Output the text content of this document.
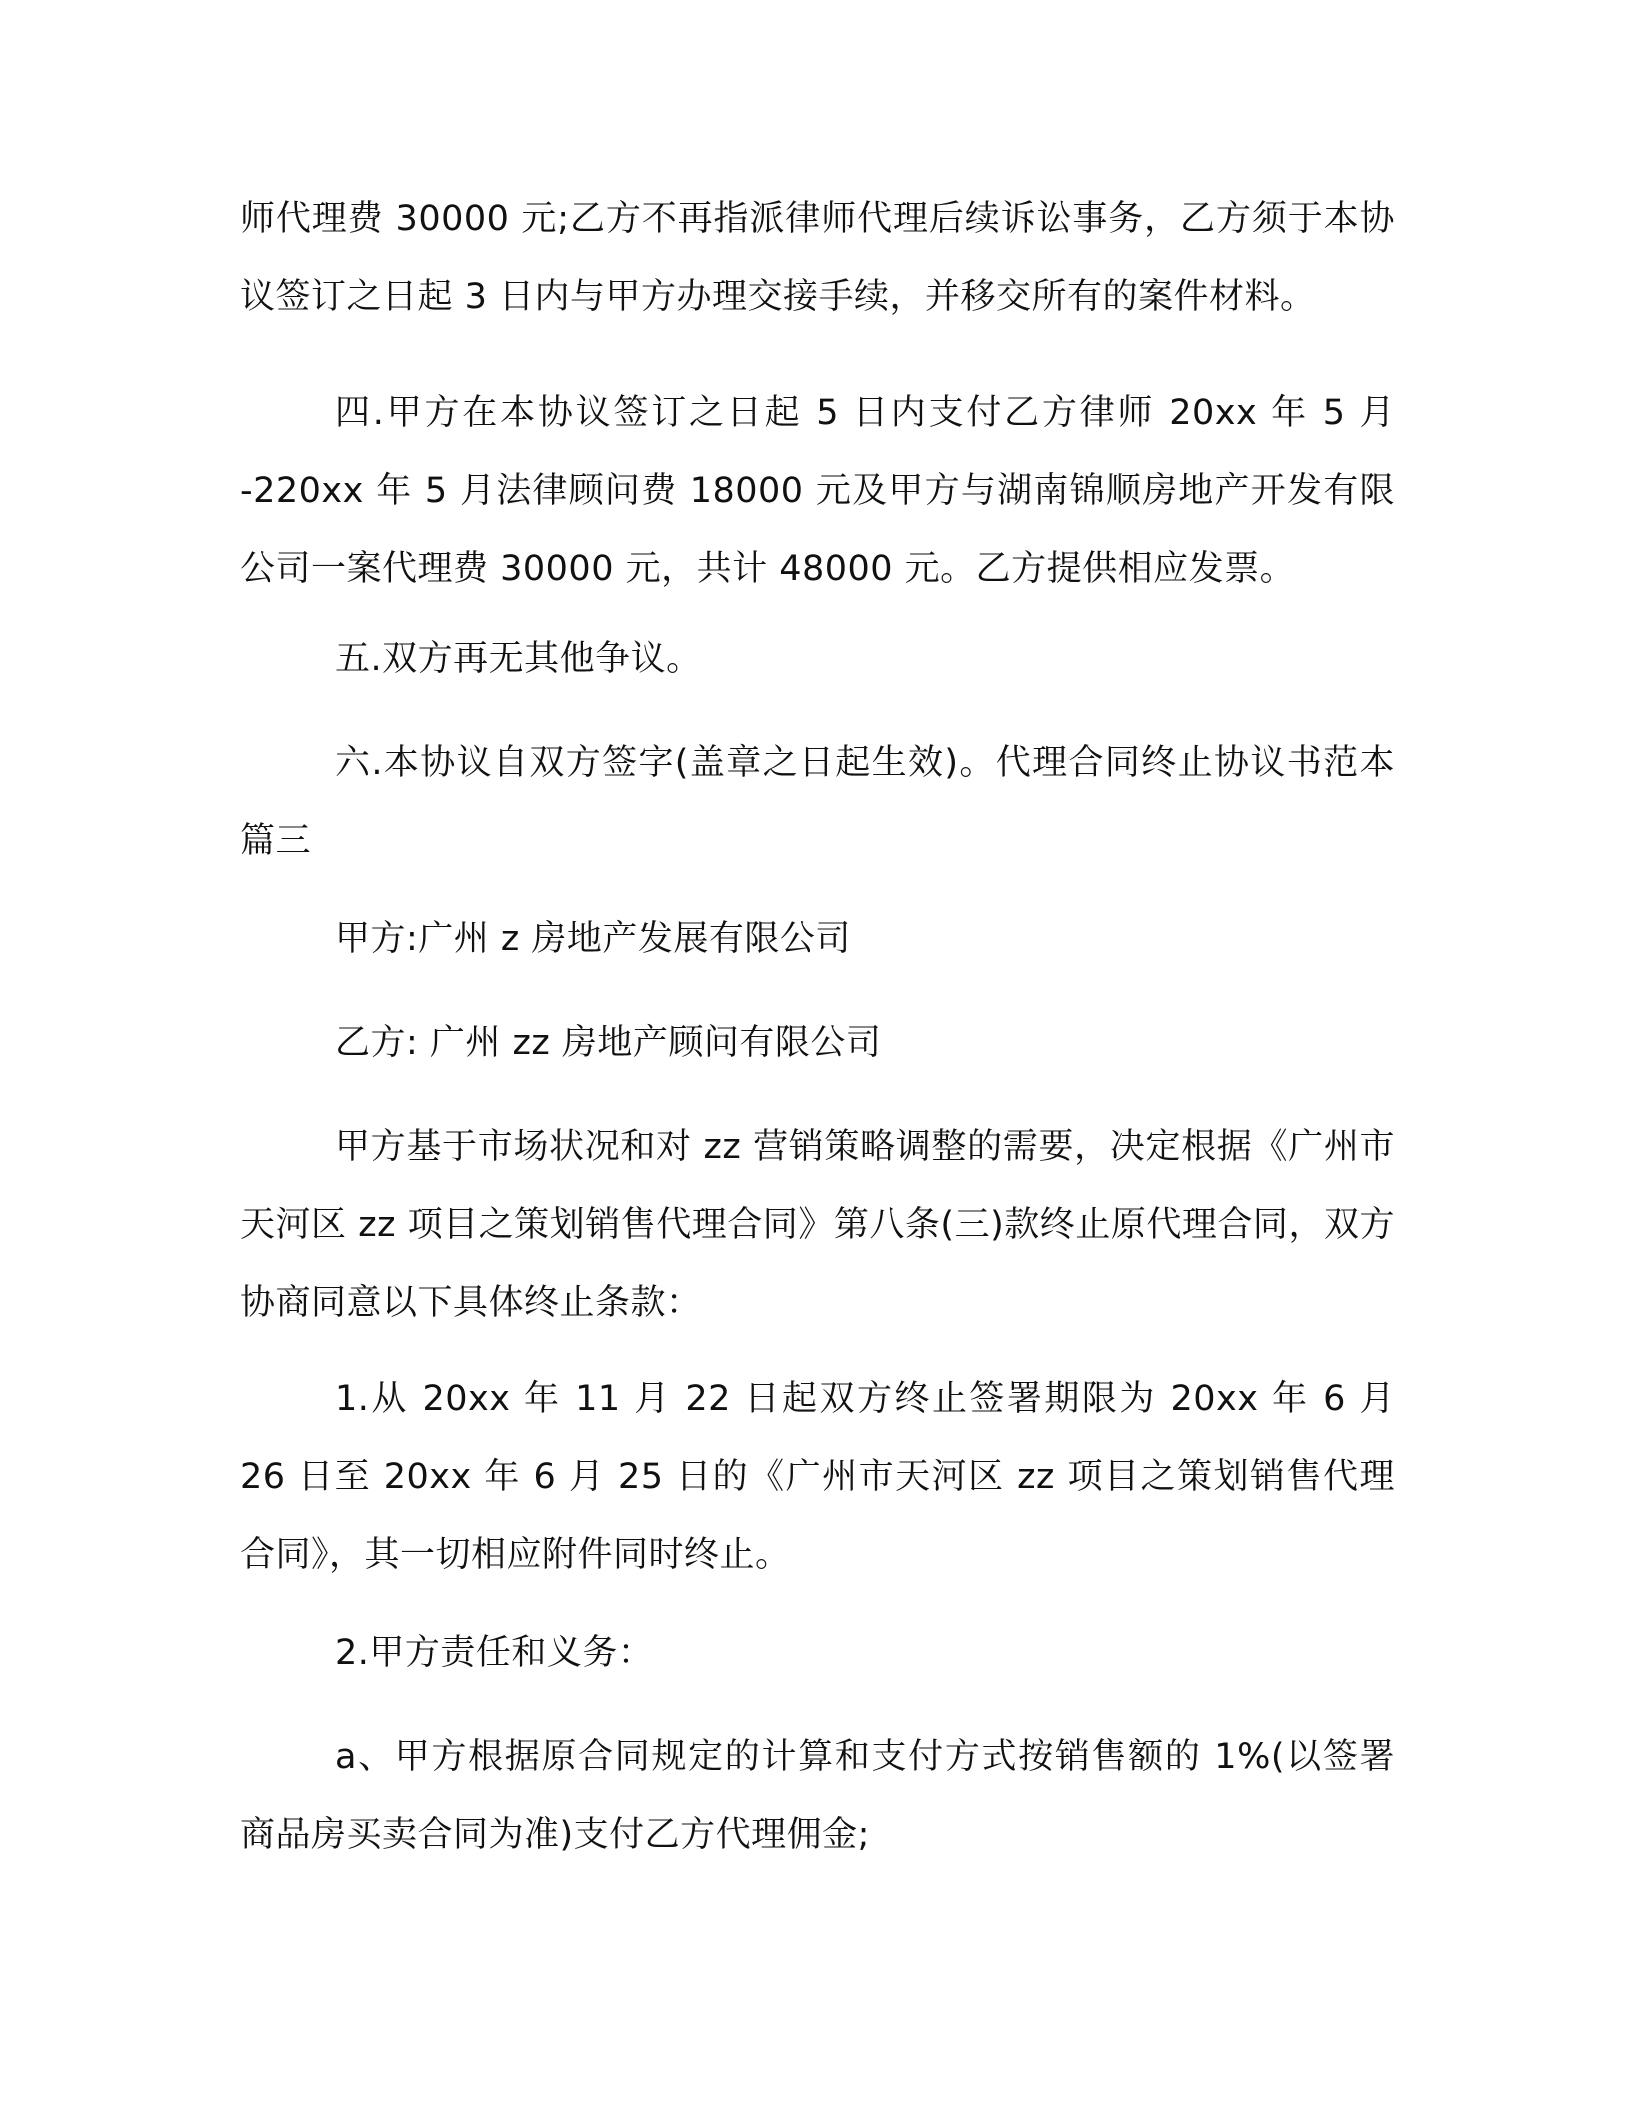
师代理费 30000 元;乙方不再指派律师代理后续诉讼事务，乙方须于本协议签订之日起 3 日内与甲方办理交接手续，并移交所有的案件材料。

四.甲方在本协议签订之日起 5 日内支付乙方律师 20xx 年 5 月 -220xx 年 5 月法律顾问费 18000 元及甲方与湖南锦顺房地产开发有限公司一案代理费 30000 元，共计 48000 元。乙方提供相应发票。

五.双方再无其他争议。

六.本协议自双方签字(盖章之日起生效)。代理合同终止协议书范本篇三

甲方:广州 z 房地产发展有限公司

乙方: 广州 zz 房地产顾问有限公司

甲方基于市场状况和对 zz 营销策略调整的需要，决定根据《广州市天河区 zz 项目之策划销售代理合同》第八条(三)款终止原代理合同，双方协商同意以下具体终止条款：

1.从 20xx 年 11 月 22 日起双方终止签署期限为 20xx 年 6 月 26 日至 20xx 年 6 月 25 日的《广州市天河区 zz 项目之策划销售代理合同》，其一切相应附件同时终止。

2.甲方责任和义务：

a、甲方根据原合同规定的计算和支付方式按销售额的 1%(以签署商品房买卖合同为准)支付乙方代理佣金;
